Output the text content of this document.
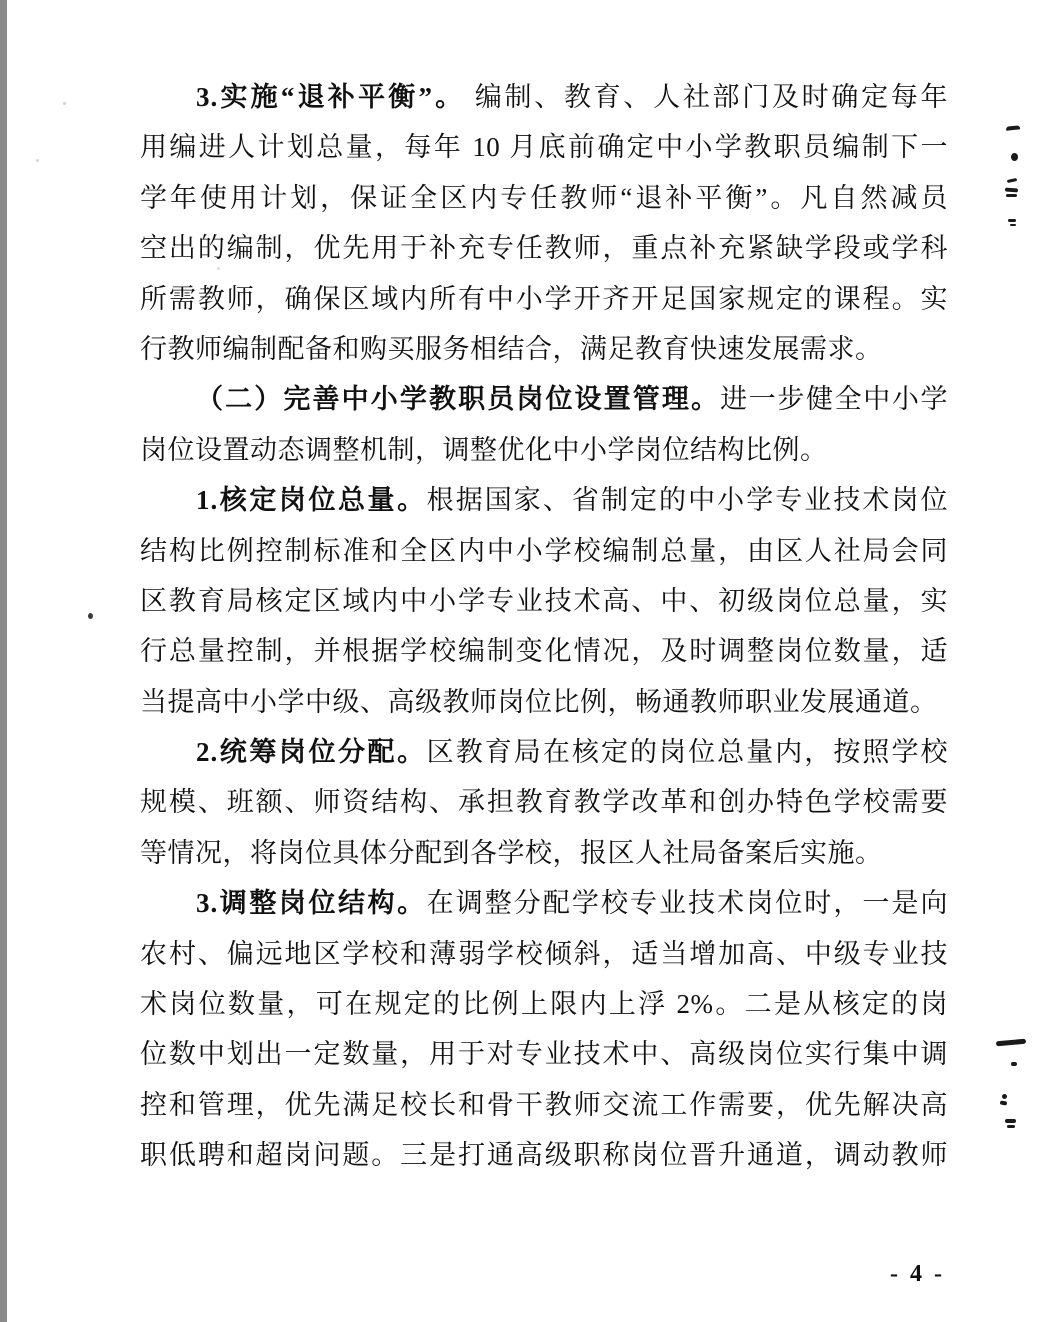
3.实施“退补平衡”。 编制、教育、人社部门及时确定每年
用编进人计划总量，每年 10 月底前确定中小学教职员编制下一
学年使用计划，保证全区内专任教师“退补平衡”。凡自然减员
空出的编制，优先用于补充专任教师，重点补充紧缺学段或学科
所需教师，确保区域内所有中小学开齐开足国家规定的课程。实
行教师编制配备和购买服务相结合，满足教育快速发展需求。
（二）完善中小学教职员岗位设置管理。进一步健全中小学
岗位设置动态调整机制，调整优化中小学岗位结构比例。
1.核定岗位总量。根据国家、省制定的中小学专业技术岗位
结构比例控制标准和全区内中小学校编制总量，由区人社局会同
区教育局核定区域内中小学专业技术高、中、初级岗位总量，实
行总量控制，并根据学校编制变化情况，及时调整岗位数量，适
当提高中小学中级、高级教师岗位比例，畅通教师职业发展通道。
2.统筹岗位分配。区教育局在核定的岗位总量内，按照学校
规模、班额、师资结构、承担教育教学改革和创办特色学校需要
等情况，将岗位具体分配到各学校，报区人社局备案后实施。
3.调整岗位结构。在调整分配学校专业技术岗位时，一是向
农村、偏远地区学校和薄弱学校倾斜，适当增加高、中级专业技
术岗位数量，可在规定的比例上限内上浮 2%。二是从核定的岗
位数中划出一定数量，用于对专业技术中、高级岗位实行集中调
控和管理，优先满足校长和骨干教师交流工作需要，优先解决高
职低聘和超岗问题。三是打通高级职称岗位晋升通道，调动教师
- 4 -
